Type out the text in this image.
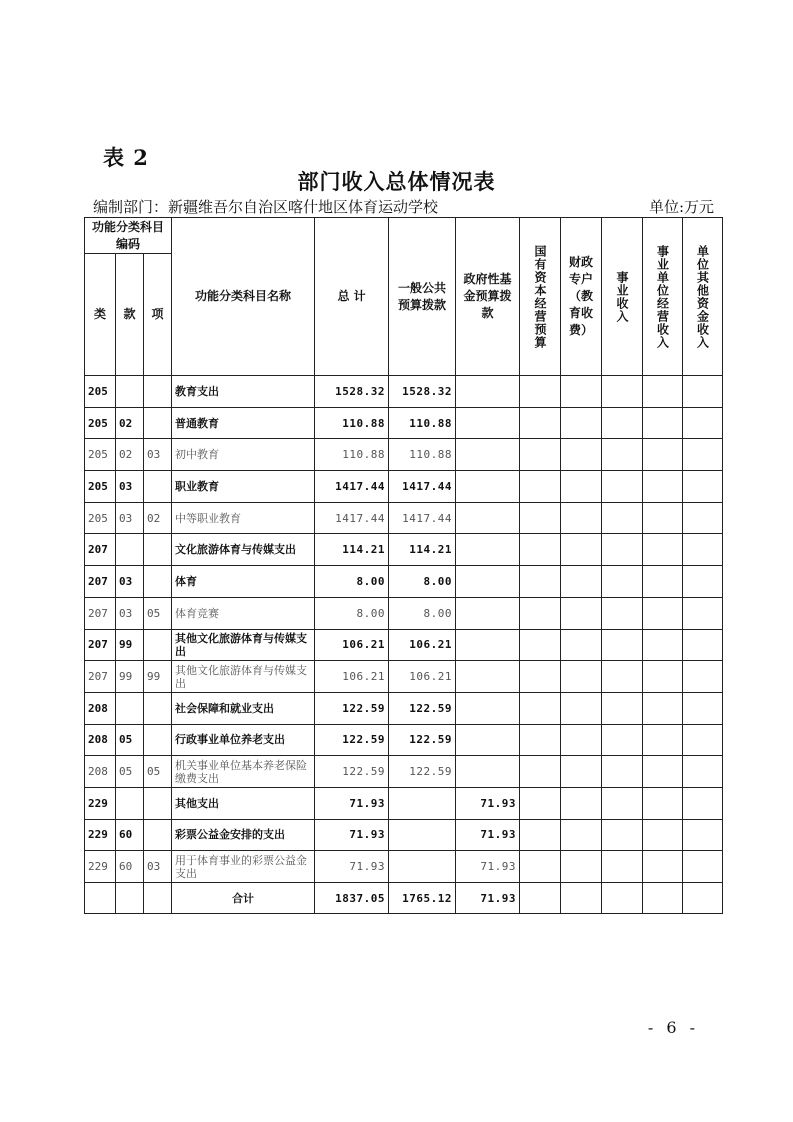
表 2
部门收入总体情况表
编制部门：新疆维吾尔自治区喀什地区体育运动学校	单位:万元
功能分类科目编码			功能分类科目名称	总 计	一般公共预算拨款	政府性基金预算拨款	国有资本经营预算	财政专户（教育收费）	事业收入	事业单位经营收入	单位其他资金收入

类	款	项									
205			教育支出	1528.32	1528.32						
205	02		普通教育	110.88	110.88						
205	02	03	初中教育	110.88	110.88						
205	03		职业教育	1417.44	1417.44						
205	03	02	中等职业教育	1417.44	1417.44						
207			文化旅游体育与传媒支出	114.21	114.21						
207	03		体育	8.00	8.00						
207	03	05	体育竞赛	8.00	8.00						
207	99		其他文化旅游体育与传媒支出	106.21	106.21						
207	99	99	其他文化旅游体育与传媒支出	106.21	106.21						
208			社会保障和就业支出	122.59	122.59						
208	05		行政事业单位养老支出	122.59	122.59						
208	05	05	机关事业单位基本养老保险缴费支出	122.59	122.59						
229			其他支出	71.93		71.93					
229	60		彩票公益金安排的支出	71.93		71.93					
229	60	03	用于体育事业的彩票公益金支出	71.93		71.93					
			合计	1837.05	1765.12	71.93					
- 6 -
